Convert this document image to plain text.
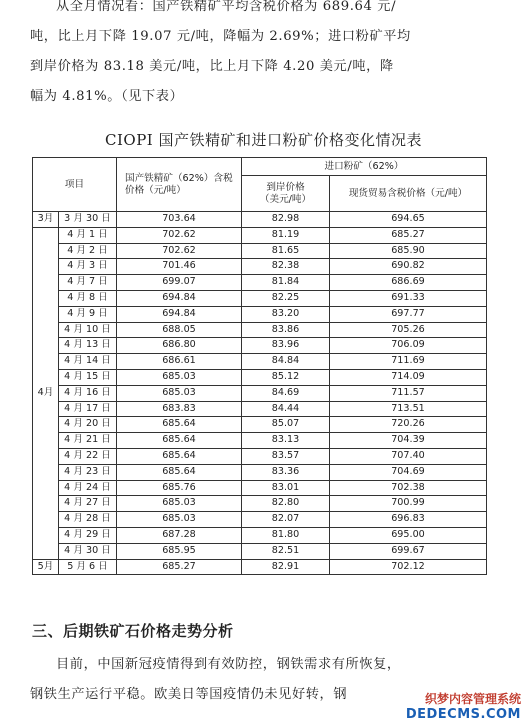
从全月情况看：国产铁精矿平均含税价格为 689.64 元/
吨，比上月下降 19.07 元/吨，降幅为 2.69%；进口粉矿平均
到岸价格为 83.18 美元/吨，比上月下降 4.20 美元/吨，降
幅为 4.81%。（见下表）
CIOPI 国产铁精矿和进口粉矿价格变化情况表
项目		国产铁精矿（62%）含税价格（元/吨）	进口粉矿（62%）	
			到岸价格（美元/吨）	现货贸易含税价格（元/吨）
3月	3 月 30 日	703.64	82.98	694.65
4月	4 月 1 日	702.62	81.19	685.27
	4 月 2 日	702.62	81.65	685.90
	4 月 3 日	701.46	82.38	690.82
	4 月 7 日	699.07	81.84	686.69
	4 月 8 日	694.84	82.25	691.33
	4 月 9 日	694.84	83.20	697.77
	4 月 10 日	688.05	83.86	705.26
	4 月 13 日	686.80	83.96	706.09
	4 月 14 日	686.61	84.84	711.69
	4 月 15 日	685.03	85.12	714.09
	4 月 16 日	685.03	84.69	711.57
	4 月 17 日	683.83	84.44	713.51
	4 月 20 日	685.64	85.07	720.26
	4 月 21 日	685.64	83.13	704.39
	4 月 22 日	685.64	83.57	707.40
	4 月 23 日	685.64	83.36	704.69
	4 月 24 日	685.76	83.01	702.38
	4 月 27 日	685.03	82.80	700.99
	4 月 28 日	685.03	82.07	696.83
	4 月 29 日	687.28	81.80	695.00
	4 月 30 日	685.95	82.51	699.67
5月	5 月 6 日	685.27	82.91	702.12
三、后期铁矿石价格走势分析
目前，中国新冠疫情得到有效防控，钢铁需求有所恢复，
钢铁生产运行平稳。欧美日等国疫情仍未见好转，钢	织梦内容管理系统
DEDECMS.COM
